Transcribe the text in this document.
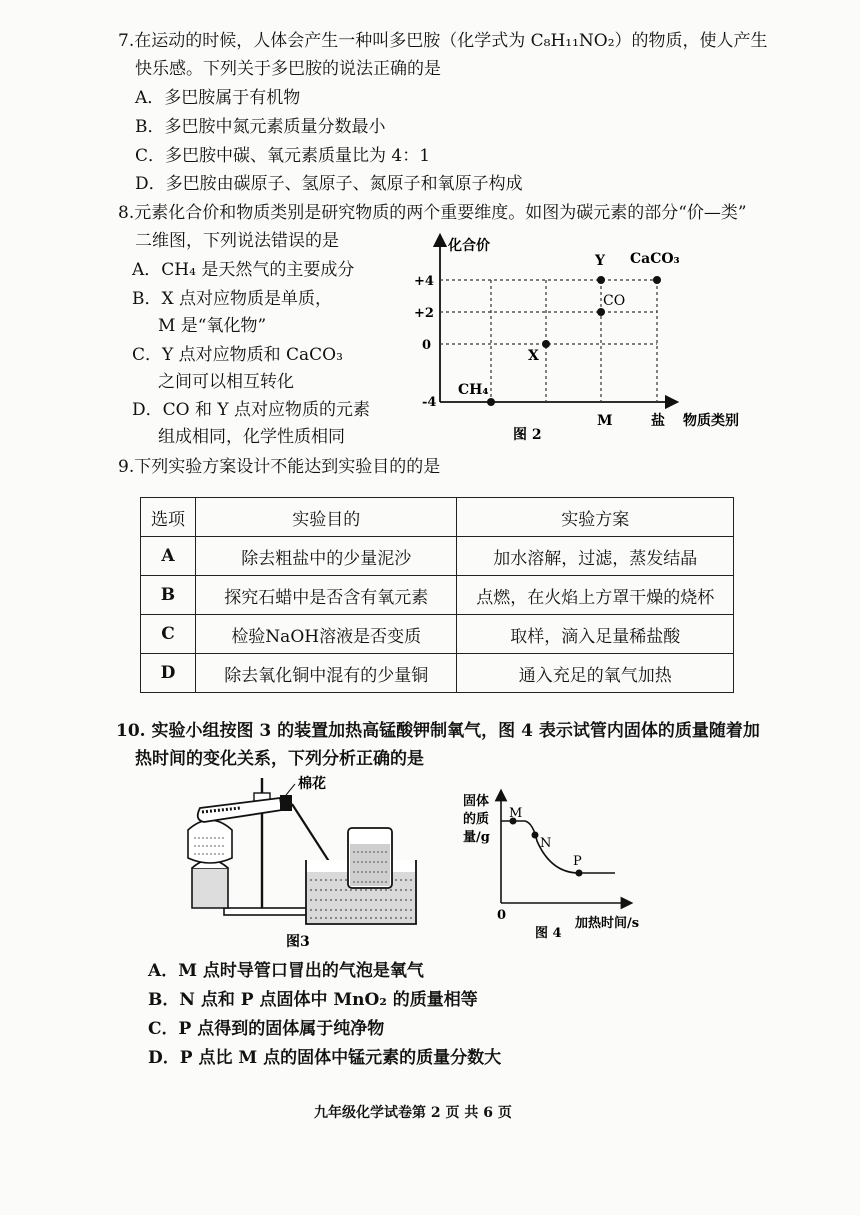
7.在运动的时候，人体会产生一种叫多巴胺（化学式为 C₈H₁₁NO₂）的物质，使人产生
快乐感。下列关于多巴胺的说法正确的是
A．多巴胺属于有机物
B．多巴胺中氮元素质量分数最小
C．多巴胺中碳、氧元素质量比为 4：1
D．多巴胺由碳原子、氢原子、氮原子和氧原子构成
8.元素化合价和物质类别是研究物质的两个重要维度。如图为碳元素的部分“价—类”
二维图，下列说法错误的是
A．CH₄ 是天然气的主要成分
B．X 点对应物质是单质，
M 是“氧化物”
C．Y 点对应物质和 CaCO₃
之间可以相互转化
D．CO 和 Y 点对应物质的元素
组成相同，化学性质相同
化合价
+4
+2
0
-4
M	盐 物质类别
CH₄
X
CO
Y CaCO₃
图 2
9.下列实验方案设计不能达到实验目的的是
选项	实验目的	实验方案
A	除去粗盐中的少量泥沙	加水溶解，过滤，蒸发结晶
B	探究石蜡中是否含有氧元素	点燃，在火焰上方罩干燥的烧杯
C	检验NaOH溶液是否变质	取样，滴入足量稀盐酸
D	除去氧化铜中混有的少量铜	通入充足的氧气加热
10. 实验小组按图 3 的装置加热高锰酸钾制氧气，图 4 表示试管内固体的质量随着加
热时间的变化关系，下列分析正确的是
棉花
图3
固体
的质
量/g
0
M
N
P
加热时间/s
图 4
A．M 点时导管口冒出的气泡是氧气
B．N 点和 P 点固体中 MnO₂ 的质量相等
C．P 点得到的固体属于纯净物
D．P 点比 M 点的固体中锰元素的质量分数大
九年级化学试卷第 2 页 共 6 页
